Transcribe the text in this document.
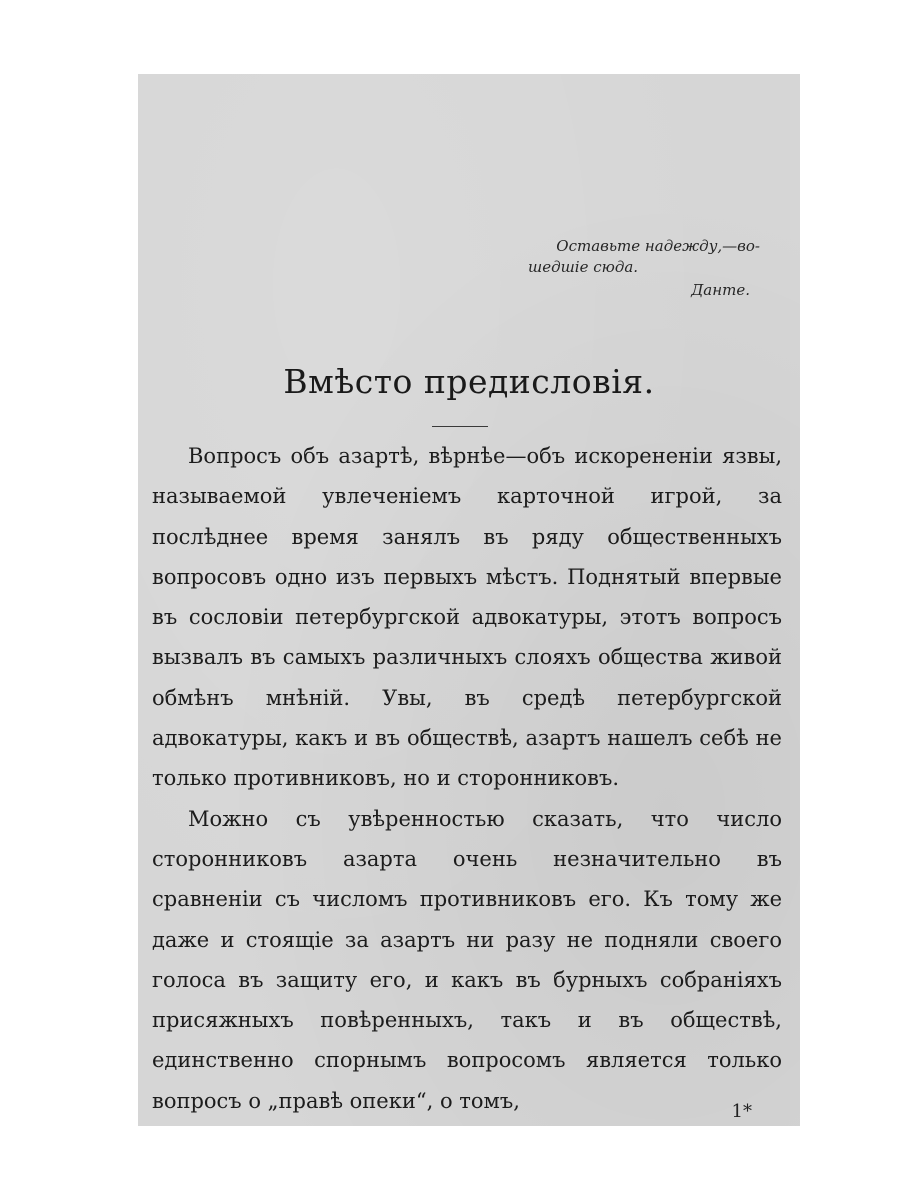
Оставьте надежду,—во-
шедшіе сюда.
Данте.
Вмѣсто предисловія.

Вопросъ объ азартѣ, вѣрнѣе—объ искорененіи язвы, называемой увлеченіемъ карточной игрой, за послѣднее время занялъ въ ряду общественныхъ вопросовъ одно изъ первыхъ мѣстъ. Поднятый впервые въ сословіи петербургской адвокатуры, этотъ вопросъ вызвалъ въ самыхъ различныхъ слояхъ общества живой обмѣнъ мнѣній. Увы, въ средѣ петербургской адвокатуры, какъ и въ обществѣ, азартъ нашелъ себѣ не только противниковъ, но и сторонниковъ.

Можно съ увѣренностью сказать, что число сторонниковъ азарта очень незначительно въ сравненіи съ числомъ противниковъ его. Къ тому же даже и стоящіе за азартъ ни разу не подняли своего голоса въ защиту его, и какъ въ бурныхъ собраніяхъ присяжныхъ повѣренныхъ, такъ и въ обществѣ, единственно спорнымъ вопросомъ является только вопросъ о „правѣ опеки“, о томъ,	1*
